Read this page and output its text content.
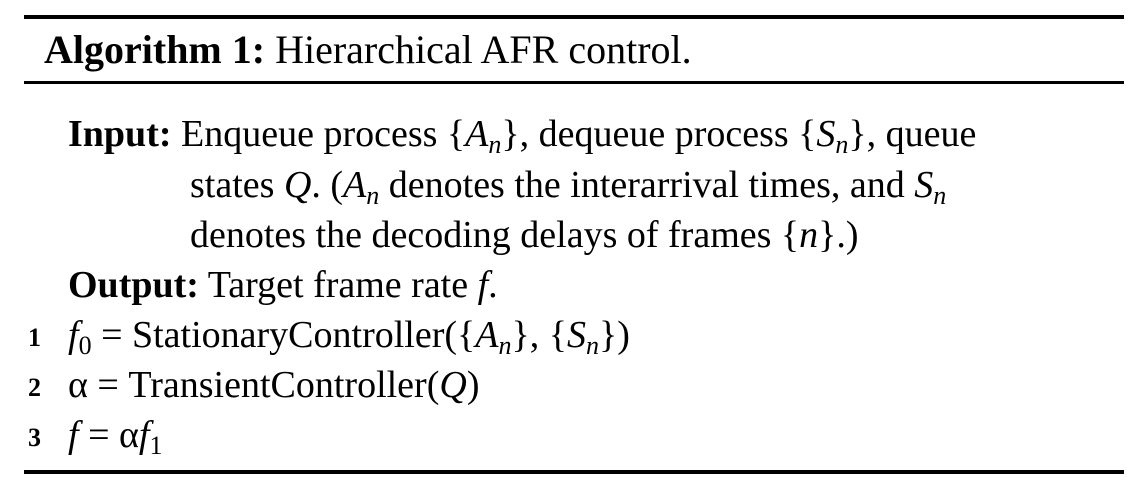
Algorithm 1: Hierarchical AFR control.
Input: Enqueue process $\{A_n\}$, dequeue process $\{S_n\}$, queue
states Q. ($A_n$ denotes the interarrival times, and $S_n$
denotes the decoding delays of frames {n}.)
Output: Target frame rate f.
1 $f_0$ = $StationaryController(\{A_n\}$, $\{S_n\}$)
2 α = TransientController(Q)
3 $f = \alpha f_1$
